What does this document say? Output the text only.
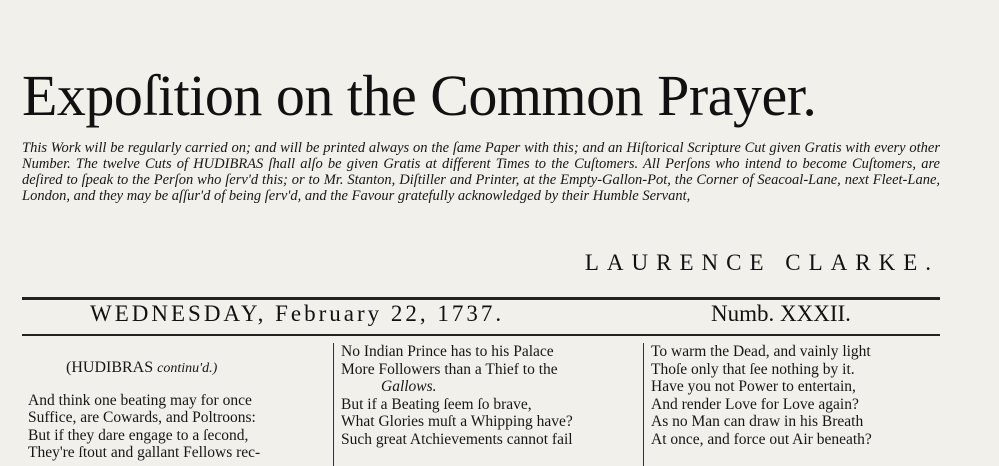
Expoſition on the Common Prayer.
This Work will be regularly carried on; and will be printed always on the ſame Paper with this; and an Hiſtorical Scripture Cut given Gratis with every other Number. The twelve Cuts of HUDIBRAS ſhall alſo be given Gratis at different Times to the Cuſtomers. All Perſons who intend to become Cuſtomers, are deſired to ſpeak to the Perſon who ſerv'd this; or to Mr. Stanton, Diſtiller and Printer, at the Empty-Gallon-Pot, the Corner of Seacoal-Lane, next Fleet-Lane, London, and they may be aſſur'd of being ſerv'd, and the Favour gratefully acknowledged by their Humble Servant,
LAURENCE CLARKE.
WEDNESDAY, February 22, 1737.	Numb. XXXII.
(HUDIBRAS continu'd.)
And think one beating may for once
Suffice, are Cowards, and Poltroons:
But if they dare engage to a ſecond,
They're ſtout and gallant Fellows rec-
No Indian Prince has to his Palace
More Followers than a Thief to the
Gallows.
But if a Beating ſeem ſo brave,
What Glories muſt a Whipping have?
Such great Atchievements cannot fail
To warm the Dead, and vainly light
Thoſe only that ſee nothing by it.
Have you not Power to entertain,
And render Love for Love again?
As no Man can draw in his Breath
At once, and force out Air beneath?
